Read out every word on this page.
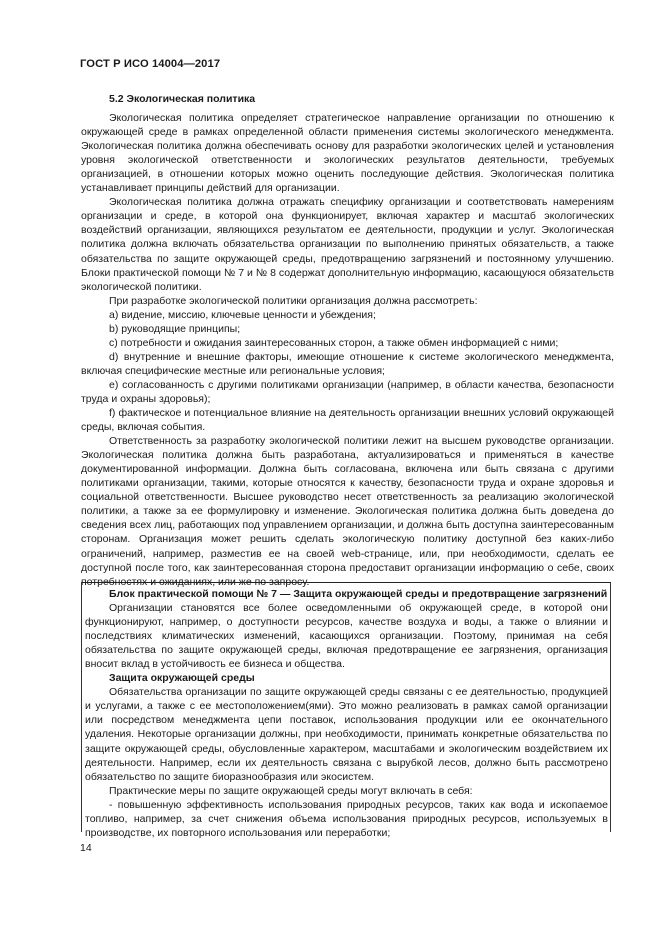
ГОСТ Р ИСО 14004—2017
5.2 Экологическая политика

Экологическая политика определяет стратегическое направление организации по отношению к окружающей среде в рамках определенной области применения системы экологического менеджмента. Экологическая политика должна обеспечивать основу для разработки экологических целей и установления уровня экологической ответственности и экологических результатов деятельности, требуемых организацией, в отношении которых можно оценить последующие действия. Экологическая политика устанавливает принципы действий для организации.

Экологическая политика должна отражать специфику организации и соответствовать намерениям организации и среде, в которой она функционирует, включая характер и масштаб экологических воздействий организации, являющихся результатом ее деятельности, продукции и услуг. Экологическая политика должна включать обязательства организации по выполнению принятых обязательств, а также обязательства по защите окружающей среды, предотвращению загрязнений и постоянному улучшению. Блоки практической помощи № 7 и № 8 содержат дополнительную информацию, касающуюся обязательств экологической политики.

При разработке экологической политики организация должна рассмотреть:

a) видение, миссию, ключевые ценности и убеждения;

b) руководящие принципы;

c) потребности и ожидания заинтересованных сторон, а также обмен информацией с ними;

d) внутренние и внешние факторы, имеющие отношение к системе экологического менеджмента, включая специфические местные или региональные условия;

e) согласованность с другими политиками организации (например, в области качества, безопасности труда и охраны здоровья);

f) фактическое и потенциальное влияние на деятельность организации внешних условий окружающей среды, включая события.

Ответственность за разработку экологической политики лежит на высшем руководстве организации. Экологическая политика должна быть разработана, актуализироваться и применяться в качестве документированной информации. Должна быть согласована, включена или быть связана с другими политиками организации, такими, которые относятся к качеству, безопасности труда и охране здоровья и социальной ответственности. Высшее руководство несет ответственность за реализацию экологической политики, а также за ее формулировку и изменение. Экологическая политика должна быть доведена до сведения всех лиц, работающих под управлением организации, и должна быть доступна заинтересованным сторонам. Организация может решить сделать экологическую политику доступной без каких-либо ограничений, например, разместив ее на своей web-странице, или, при необходимости, сделать ее доступной после того, как заинтересованная сторона предоставит организации информацию о себе, своих потребностях и ожиданиях, или же по запросу.

Блок практической помощи № 7 — Защита окружающей среды и предотвращение загрязнений

Организации становятся все более осведомленными об окружающей среде, в которой они функционируют, например, о доступности ресурсов, качестве воздуха и воды, а также о влиянии и последствиях климатических изменений, касающихся организации. Поэтому, принимая на себя обязательства по защите окружающей среды, включая предотвращение ее загрязнения, организация вносит вклад в устойчивость ее бизнеса и общества.

Защита окружающей среды

Обязательства организации по защите окружающей среды связаны с ее деятельностью, продукцией и услугами, а также с ее местоположением(ями). Это можно реализовать в рамках самой организации или посредством менеджмента цепи поставок, использования продукции или ее окончательного удаления. Некоторые организации должны, при необходимости, принимать конкретные обязательства по защите окружающей среды, обусловленные характером, масштабами и экологическим воздействием их деятельности. Например, если их деятельность связана с вырубкой лесов, должно быть рассмотрено обязательство по защите биоразнообразия или экосистем.

Практические меры по защите окружающей среды могут включать в себя:

- повышенную эффективность использования природных ресурсов, таких как вода и ископаемое топливо, например, за счет снижения объема использования природных ресурсов, используемых в производстве, их повторного использования или переработки;

14
